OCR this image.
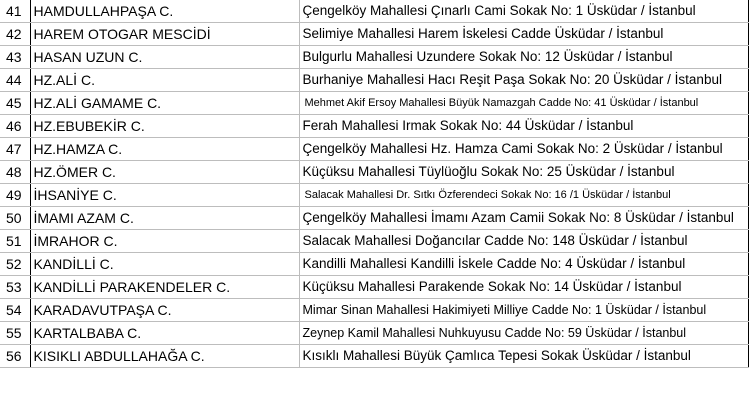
41	HAMDULLAHPAŞA C.	Çengelköy Mahallesi Çınarlı Cami Sokak No: 1 Üsküdar / İstanbul
42	HAREM OTOGAR MESCİDİ	Selimiye Mahallesi Harem İskelesi Cadde Üsküdar / İstanbul
43	HASAN UZUN C.	Bulgurlu Mahallesi Uzundere Sokak No: 12 Üsküdar / İstanbul
44	HZ.ALİ C.	Burhaniye Mahallesi Hacı Reşit Paşa Sokak No: 20 Üsküdar / İstanbul
45	HZ.ALİ GAMAME C.	Mehmet Akif Ersoy Mahallesi Büyük Namazgah Cadde No: 41 Üsküdar / İstanbul
46	HZ.EBUBEKİR C.	Ferah Mahallesi Irmak Sokak No: 44 Üsküdar / İstanbul
47	HZ.HAMZA C.	Çengelköy Mahallesi Hz. Hamza Cami Sokak No: 2 Üsküdar / İstanbul
48	HZ.ÖMER C.	Küçüksu Mahallesi Tüylüoğlu Sokak No: 25 Üsküdar / İstanbul
49	İHSANİYE C.	Salacak Mahallesi Dr. Sıtkı Özferendeci Sokak No: 16 /1 Üsküdar / İstanbul
50	İMAMI AZAM C.	Çengelköy Mahallesi İmamı Azam Camii Sokak No: 8 Üsküdar / İstanbul
51	İMRAHOR C.	Salacak Mahallesi Doğancılar Cadde No: 148 Üsküdar / İstanbul
52	KANDİLLİ C.	Kandilli Mahallesi Kandilli İskele Cadde No: 4 Üsküdar / İstanbul
53	KANDİLLİ PARAKENDELER C.	Küçüksu Mahallesi Parakende Sokak No: 14 Üsküdar / İstanbul
54	KARADAVUTPAŞA C.	Mimar Sinan Mahallesi Hakimiyeti Milliye Cadde No: 1 Üsküdar / İstanbul
55	KARTALBABA C.	Zeynep Kamil Mahallesi Nuhkuyusu Cadde No: 59 Üsküdar / İstanbul
56	KISIKLI ABDULLAHAĞA C.	Kısıklı Mahallesi Büyük Çamlıca Tepesi Sokak Üsküdar / İstanbul
